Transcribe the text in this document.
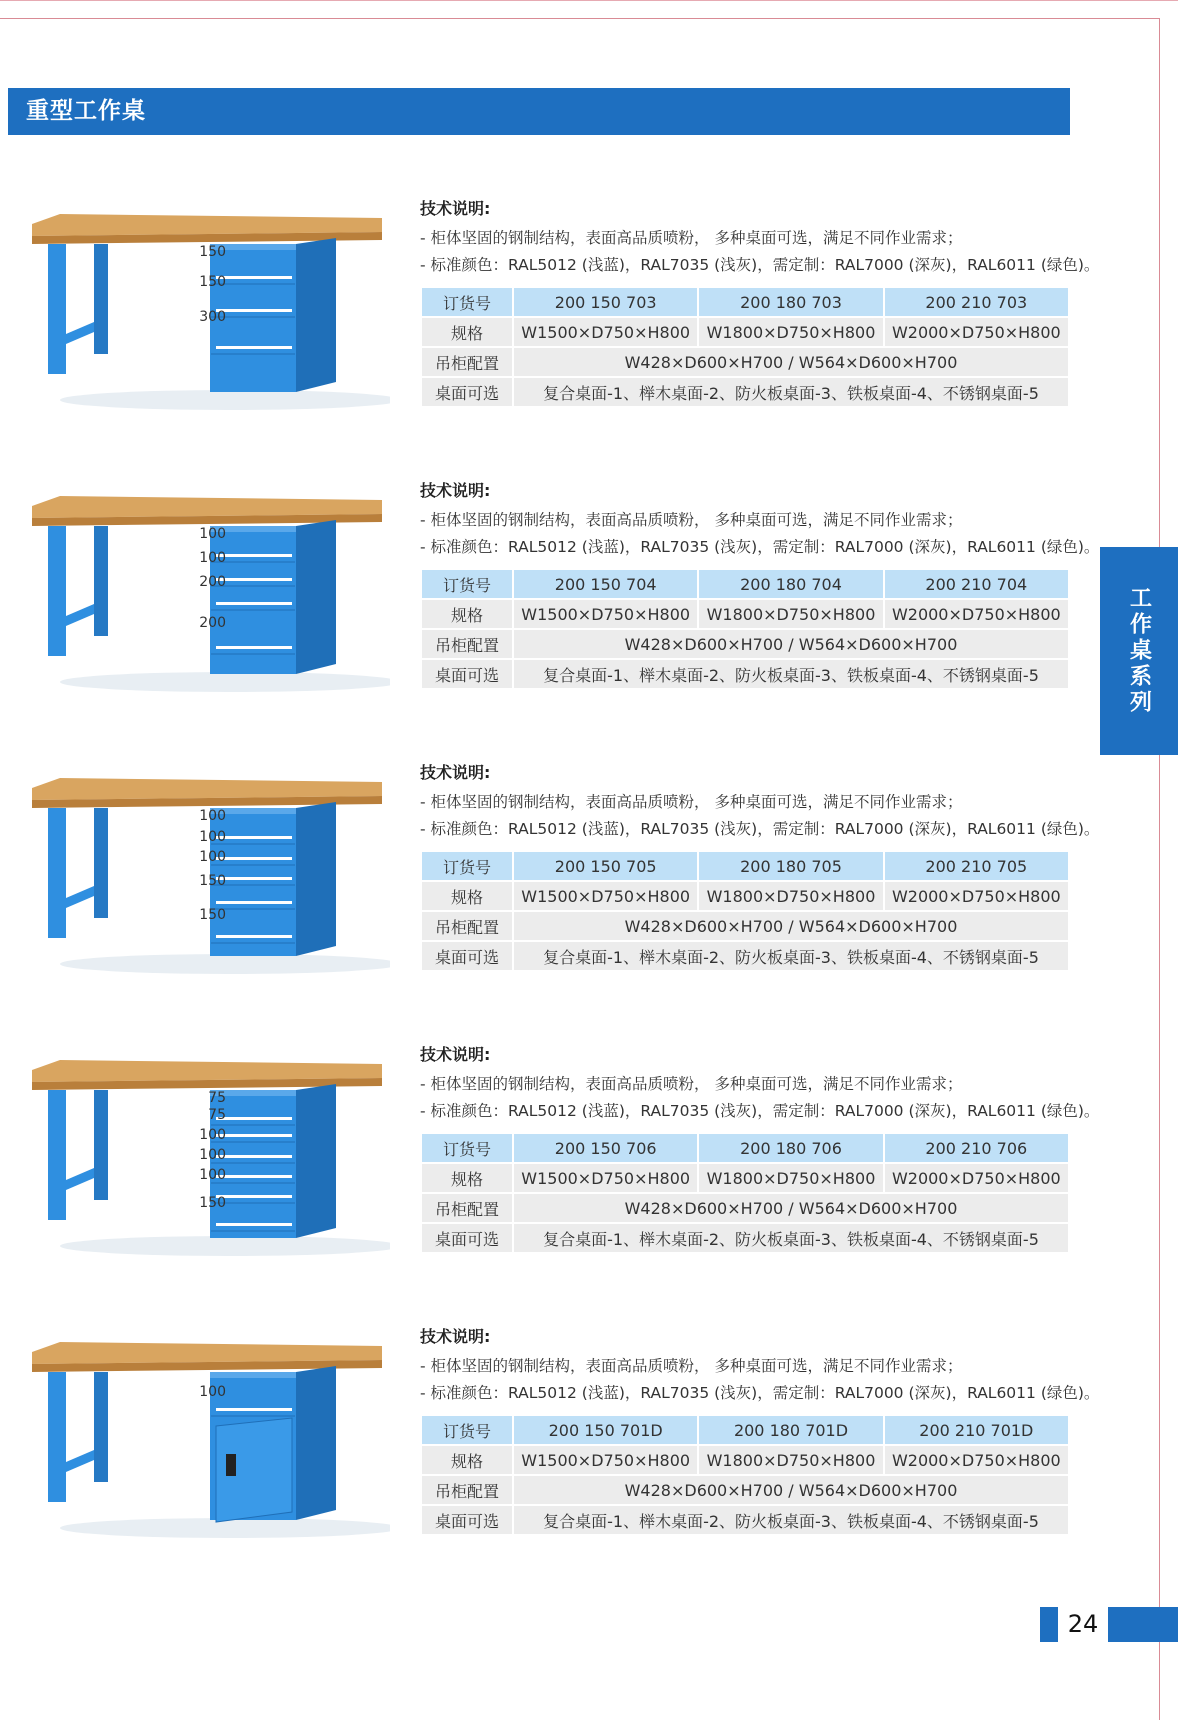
重型工作桌
工作桌系列
24
150
150
300
技术说明:
- 柜体坚固的钢制结构，表面高品质喷粉， 多种桌面可选，满足不同作业需求；
- 标准颜色：RAL5012 (浅蓝)，RAL7035 (浅灰)，需定制：RAL7000 (深灰)，RAL6011 (绿色)。
订货号	200 150 703	200 180 703	200 210 703
规格	W1500×D750×H800	W1800×D750×H800	W2000×D750×H800
吊柜配置	W428×D600×H700 / W564×D600×H700		
桌面可选	复合桌面-1、榉木桌面-2、防火板桌面-3、铁板桌面-4、不锈钢桌面-5		
100
100
200
200
技术说明:
- 柜体坚固的钢制结构，表面高品质喷粉， 多种桌面可选，满足不同作业需求；
- 标准颜色：RAL5012 (浅蓝)，RAL7035 (浅灰)，需定制：RAL7000 (深灰)，RAL6011 (绿色)。
订货号	200 150 704	200 180 704	200 210 704
规格	W1500×D750×H800	W1800×D750×H800	W2000×D750×H800
吊柜配置	W428×D600×H700 / W564×D600×H700		
桌面可选	复合桌面-1、榉木桌面-2、防火板桌面-3、铁板桌面-4、不锈钢桌面-5		
100
100
100
150
150
技术说明:
- 柜体坚固的钢制结构，表面高品质喷粉， 多种桌面可选，满足不同作业需求；
- 标准颜色：RAL5012 (浅蓝)，RAL7035 (浅灰)，需定制：RAL7000 (深灰)，RAL6011 (绿色)。
订货号	200 150 705	200 180 705	200 210 705
规格	W1500×D750×H800	W1800×D750×H800	W2000×D750×H800
吊柜配置	W428×D600×H700 / W564×D600×H700		
桌面可选	复合桌面-1、榉木桌面-2、防火板桌面-3、铁板桌面-4、不锈钢桌面-5		
75
75
100
100
100
150
技术说明:
- 柜体坚固的钢制结构，表面高品质喷粉， 多种桌面可选，满足不同作业需求；
- 标准颜色：RAL5012 (浅蓝)，RAL7035 (浅灰)，需定制：RAL7000 (深灰)，RAL6011 (绿色)。
订货号	200 150 706	200 180 706	200 210 706
规格	W1500×D750×H800	W1800×D750×H800	W2000×D750×H800
吊柜配置	W428×D600×H700 / W564×D600×H700		
桌面可选	复合桌面-1、榉木桌面-2、防火板桌面-3、铁板桌面-4、不锈钢桌面-5		
100
技术说明:
- 柜体坚固的钢制结构，表面高品质喷粉， 多种桌面可选，满足不同作业需求；
- 标准颜色：RAL5012 (浅蓝)，RAL7035 (浅灰)，需定制：RAL7000 (深灰)，RAL6011 (绿色)。
订货号	200 150 701D	200 180 701D	200 210 701D
规格	W1500×D750×H800	W1800×D750×H800	W2000×D750×H800
吊柜配置	W428×D600×H700 / W564×D600×H700		
桌面可选	复合桌面-1、榉木桌面-2、防火板桌面-3、铁板桌面-4、不锈钢桌面-5		
